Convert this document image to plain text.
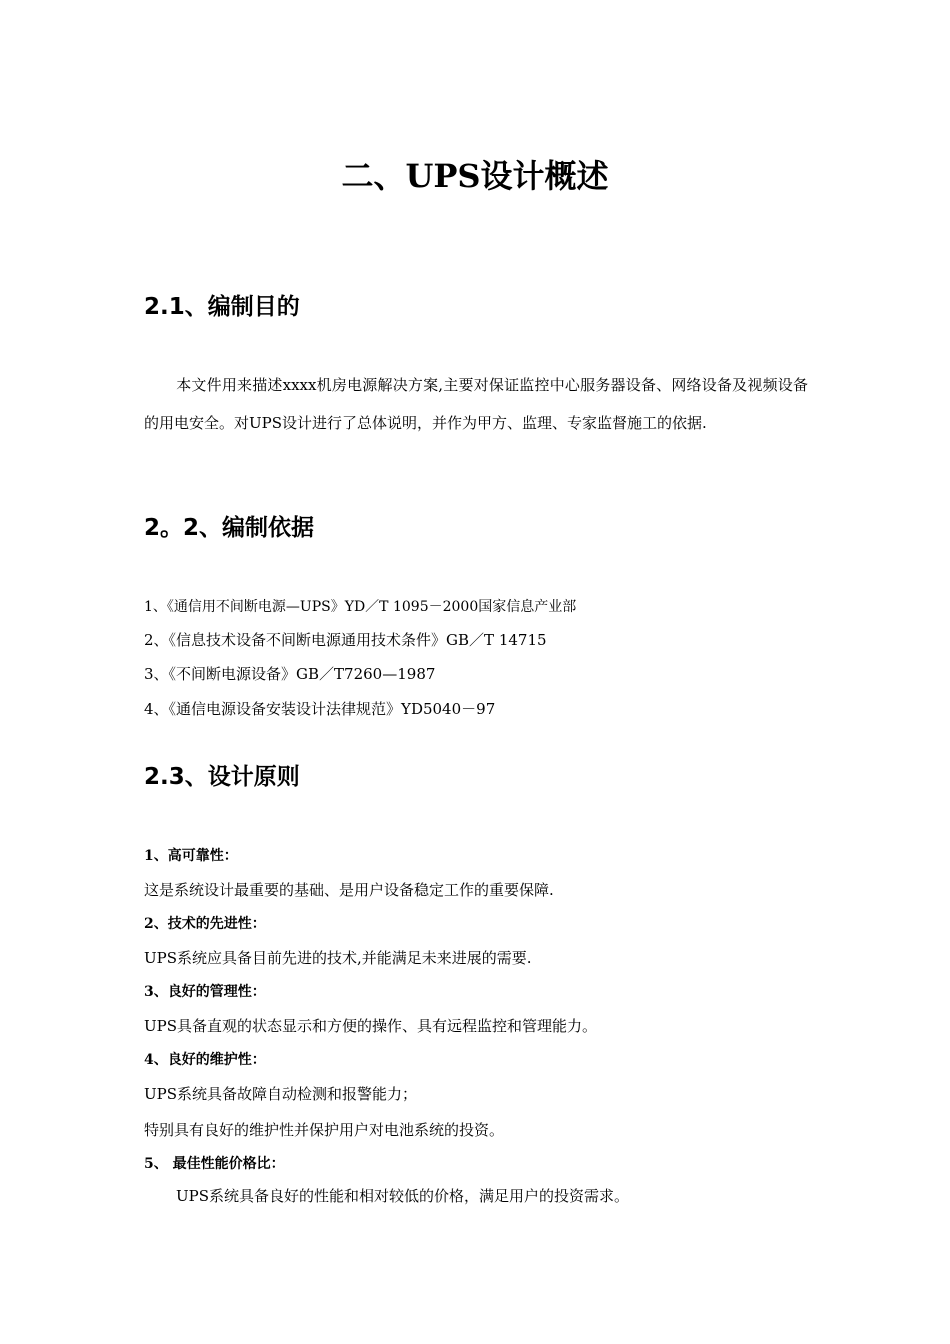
二、UPS设计概述
2.1、编制目的
本文件用来描述xxxx机房电源解决方案,主要对保证监控中心服务器设备、网络设备及视频设备的用电安全。对UPS设计进行了总体说明，并作为甲方、监理、专家监督施工的依据.
2。2、编制依据
1、《通信用不间断电源—UPS》YD／T 1095－2000国家信息产业部
2、《信息技术设备不间断电源通用技术条件》GB／T 14715
3、《不间断电源设备》GB／T7260—1987
4、《通信电源设备安装设计法律规范》YD5040－97
2.3、设计原则
1、高可靠性：
这是系统设计最重要的基础、是用户设备稳定工作的重要保障.
2、技术的先进性：
UPS系统应具备目前先进的技术,并能满足未来进展的需要.
3、良好的管理性：
UPS具备直观的状态显示和方便的操作、具有远程监控和管理能力。
4、良好的维护性：
UPS系统具备故障自动检测和报警能力；
特别具有良好的维护性并保护用户对电池系统的投资。
5、 最佳性能价格比：
UPS系统具备良好的性能和相对较低的价格，满足用户的投资需求。
